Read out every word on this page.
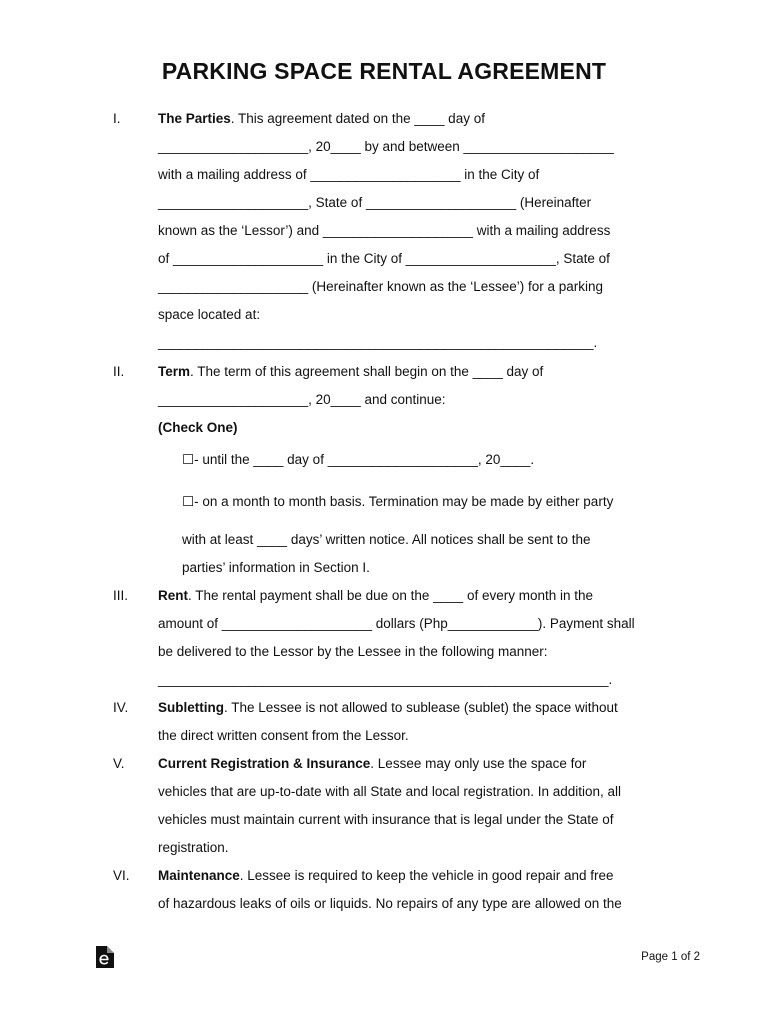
PARKING SPACE RENTAL AGREEMENT
I.	The Parties. This agreement dated on the ____ day of
____________________, 20____ by and between ____________________
with a mailing address of ____________________ in the City of
____________________, State of ____________________ (Hereinafter
known as the ‘Lessor’) and ____________________ with a mailing address
of ____________________ in the City of ____________________, State of
____________________ (Hereinafter known as the ‘Lessee’) for a parking
space located at:
__________________________________________________________.
II. Term. The term of this agreement shall begin on the ____ day of
____________________, 20____ and continue:
(Check One)
☐- until the ____ day of ____________________, 20____.
☐- on a month to month basis. Termination may be made by either party
with at least ____ days’ written notice. All notices shall be sent to the
parties’ information in Section I.
III. Rent. The rental payment shall be due on the ____ of every month in the
amount of ____________________ dollars (Php____________). Payment shall
be delivered to the Lessor by the Lessee in the following manner:
____________________________________________________________.
IV. Subletting. The Lessee is not allowed to sublease (sublet) the space without
the direct written consent from the Lessor.
V. Current Registration & Insurance. Lessee may only use the space for
vehicles that are up-to-date with all State and local registration. In addition, all
vehicles must maintain current with insurance that is legal under the State of
registration.
VI. Maintenance. Lessee is required to keep the vehicle in good repair and free
of hazardous leaks of oils or liquids. No repairs of any type are allowed on the
Page 1 of 2
